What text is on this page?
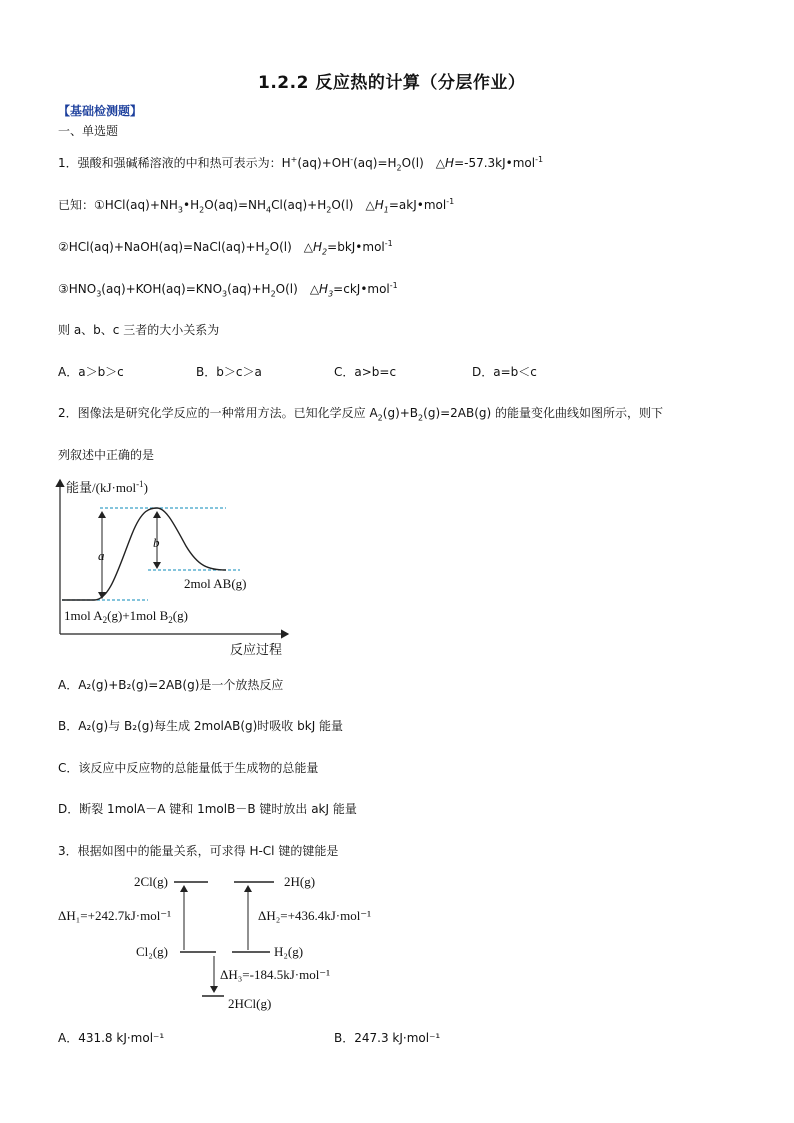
1.2.2 反应热的计算（分层作业）
【基础检测题】
一、单选题
1．强酸和强碱稀溶液的中和热可表示为：$H^+(aq)+OH^-(aq)=H_2O(l)$　△H=-57.3kJ•mol$^{-1}$
已知：$①HCl(aq)+NH_3•H_2O(aq)=NH_4Cl(aq)+H_2O(l)$　$\triangle H_1=akJ•mol^{-1}$
$②HCl(aq)+NaOH(aq)=NaCl(aq)+H_2O(l)$　$\triangle H_2=bkJ•mol^{-1}$
$③HNO_3(aq)+KOH(aq)=KNO_3(aq)+H_2O(l)$　$\triangle H_3=ckJ•mol^{-1}$
则 a、b、c 三者的大小关系为
A．a＞b＞c	B．b＞c＞a	C．a>b=c	D．a=b＜c
2．图像法是研究化学反应的一种常用方法。已知化学反应 $A_2(g)+B_2(g)=2AB(g)$ 的能量变化曲线如图所示，则下
列叙述中正确的是
能量/(kJ·mol$^{-1}$)
反应过程
a
b
2mol AB(g)
1mol $A_2(g)+1mol$ $B_2(g)$
A．A₂(g)+B₂(g)=2AB(g)是一个放热反应
B．A₂(g)与 B₂(g)每生成 2molAB(g)时吸收 bkJ 能量
C．该反应中反应物的总能量低于生成物的总能量
D．断裂 1molA－A 键和 1molB－B 键时放出 akJ 能量
3．根据如图中的能量关系，可求得 H-Cl 键的键能是
2Cl(g)	2H(g)
ΔH₁=+242.7kJ·mol⁻¹	ΔH₂=+436.4kJ·mol⁻¹
Cl₂(g)	H₂(g)
ΔH₃=-184.5kJ·mol⁻¹
2HCl(g)
A．431.8 kJ·mol⁻¹	B．247.3 kJ·mol⁻¹
